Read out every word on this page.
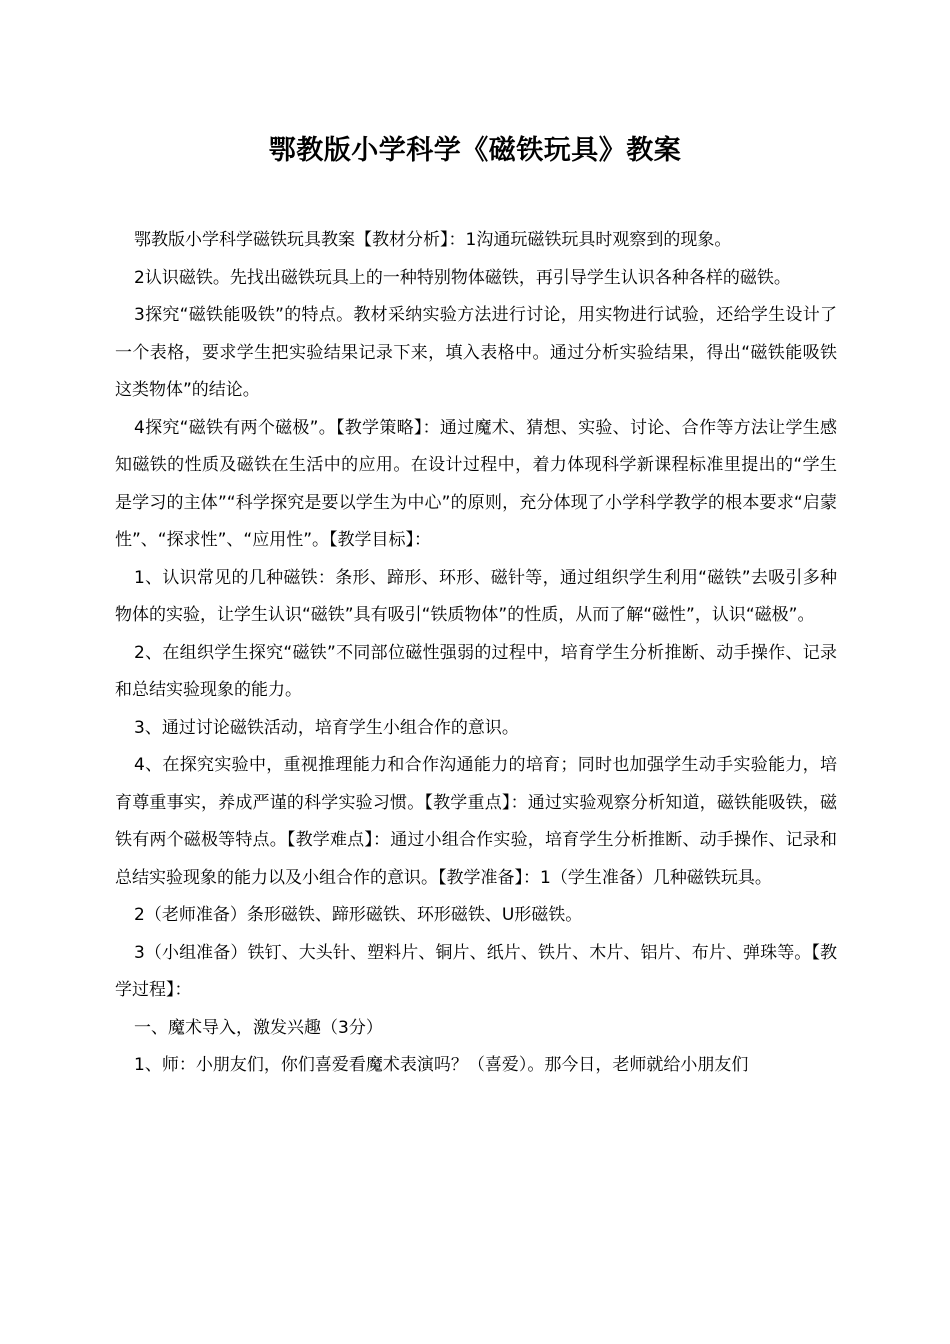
鄂教版小学科学《磁铁玩具》教案

鄂教版小学科学磁铁玩具教案【教材分析】：1沟通玩磁铁玩具时观察到的现象。

2认识磁铁。先找出磁铁玩具上的一种特别物体磁铁，再引导学生认识各种各样的磁铁。

3探究“磁铁能吸铁”的特点。教材采纳实验方法进行讨论，用实物进行试验，还给学生设计了一个表格，要求学生把实验结果记录下来，填入表格中。通过分析实验结果，得出“磁铁能吸铁这类物体”的结论。

4探究“磁铁有两个磁极”。【教学策略】：通过魔术、猜想、实验、讨论、合作等方法让学生感知磁铁的性质及磁铁在生活中的应用。在设计过程中，着力体现科学新课程标准里提出的“学生是学习的主体”“科学探究是要以学生为中心”的原则，充分体现了小学科学教学的根本要求“启蒙性”、“探求性”、“应用性”。【教学目标】：

1、认识常见的几种磁铁：条形、蹄形、环形、磁针等，通过组织学生利用“磁铁”去吸引多种物体的实验，让学生认识“磁铁”具有吸引“铁质物体”的性质，从而了解“磁性”，认识“磁极”。

2、在组织学生探究“磁铁”不同部位磁性强弱的过程中，培育学生分析推断、动手操作、记录和总结实验现象的能力。

3、通过讨论磁铁活动，培育学生小组合作的意识。

4、在探究实验中，重视推理能力和合作沟通能力的培育；同时也加强学生动手实验能力，培育尊重事实，养成严谨的科学实验习惯。【教学重点】：通过实验观察分析知道，磁铁能吸铁，磁铁有两个磁极等特点。【教学难点】：通过小组合作实验，培育学生分析推断、动手操作、记录和总结实验现象的能力以及小组合作的意识。【教学准备】：1（学生准备）几种磁铁玩具。

2（老师准备）条形磁铁、蹄形磁铁、环形磁铁、U形磁铁。

3（小组准备）铁钉、大头针、塑料片、铜片、纸片、铁片、木片、铝片、布片、弹珠等。【教学过程】：

一、魔术导入，激发兴趣（3分）

1、师：小朋友们，你们喜爱看魔术表演吗？（喜爱）。那今日，老师就给小朋友们
